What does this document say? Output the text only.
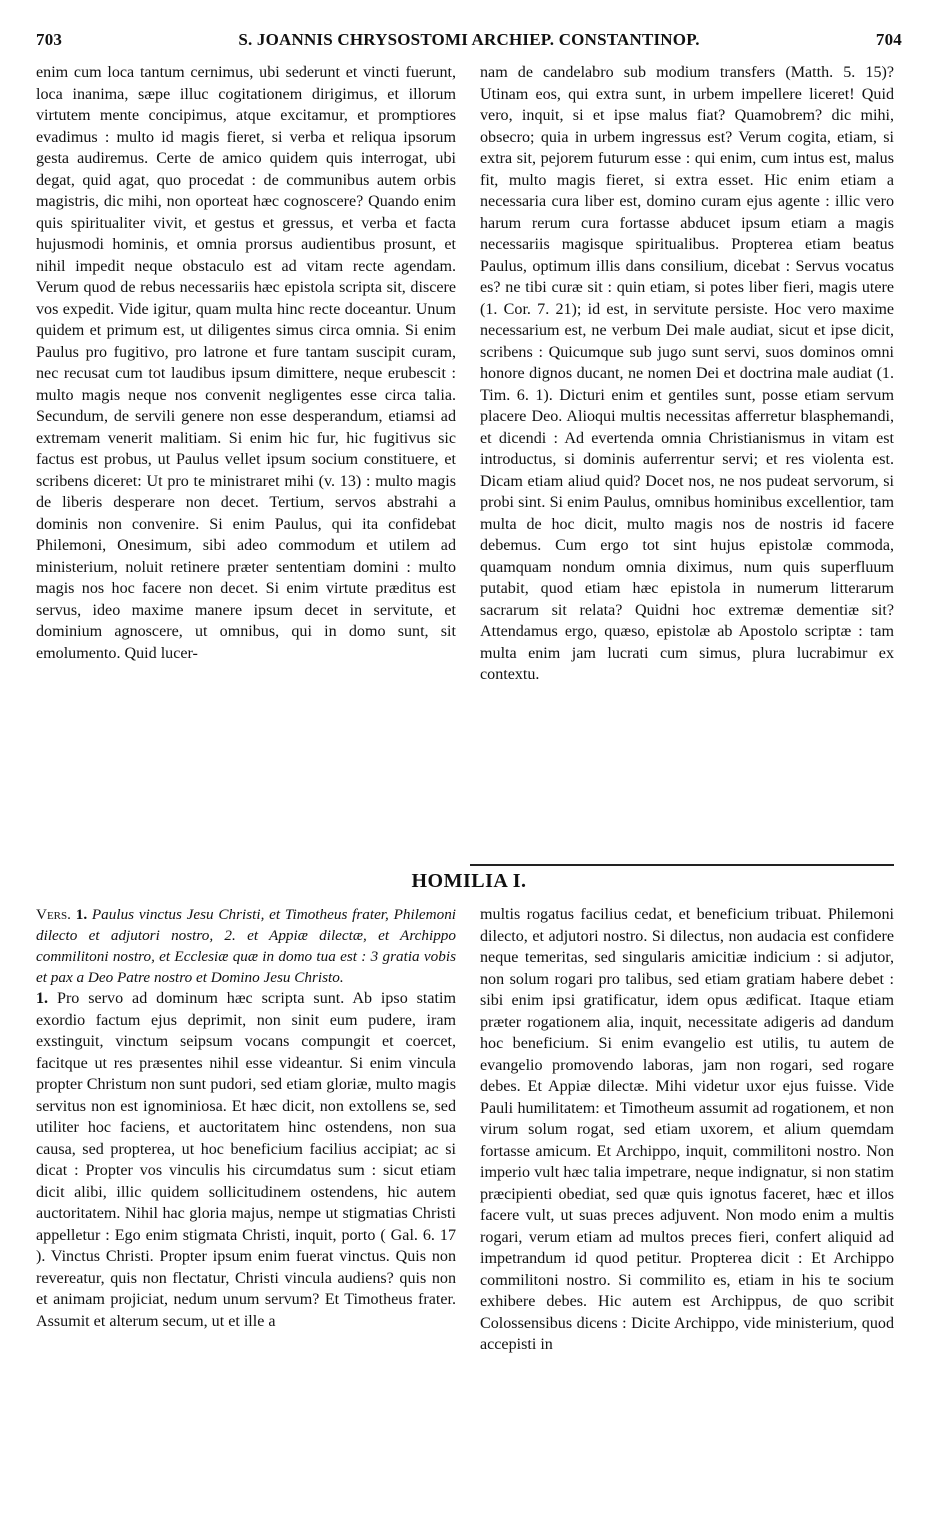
703	S. JOANNIS CHRYSOSTOMI ARCHIEP. CONSTANTINOP.	704

enim cum loca tantum cernimus, ubi sederunt et vincti fuerunt, loca inanima, sæpe illuc cogitationem dirigimus, et illorum virtutem mente concipimus, atque excitamur, et promptiores evadimus : multo id magis fieret, si verba et reliqua ipsorum gesta audiremus. Certe de amico quidem quis interrogat, ubi degat, quid agat, quo procedat : de communibus autem orbis magistris, dic mihi, non oporteat hæc cognoscere? Quando enim quis spiritualiter vivit, et gestus et gressus, et verba et facta hujusmodi hominis, et omnia prorsus audientibus prosunt, et nihil impedit neque obstaculo est ad vitam recte agendam. Verum quod de rebus necessariis hæc epistola scripta sit, discere vos expedit. Vide igitur, quam multa hinc recte doceantur. Unum quidem et primum est, ut diligentes simus circa omnia. Si enim Paulus pro fugitivo, pro latrone et fure tantam suscipit curam, nec recusat cum tot laudibus ipsum dimittere, neque erubescit : multo magis neque nos convenit negligentes esse circa talia. Secundum, de servili genere non esse desperandum, etiamsi ad extremam venerit malitiam. Si enim hic fur, hic fugitivus sic factus est probus, ut Paulus vellet ipsum socium constituere, et scribens diceret: Ut pro te ministraret mihi (v. 13) : multo magis de liberis desperare non decet. Tertium, servos abstrahi a dominis non convenire. Si enim Paulus, qui ita confidebat Philemoni, Onesimum, sibi adeo commodum et utilem ad ministerium, noluit retinere præter sententiam domini : multo magis nos hoc facere non decet. Si enim virtute præditus est servus, ideo maxime manere ipsum decet in servitute, et dominium agnoscere, ut omnibus, qui in domo sunt, sit emolumento. Quid lucer-

nam de candelabro sub modium transfers (Matth. 5. 15)? Utinam eos, qui extra sunt, in urbem impellere liceret! Quid vero, inquit, si et ipse malus fiat? Quamobrem? dic mihi, obsecro; quia in urbem ingressus est? Verum cogita, etiam, si extra sit, pejorem futurum esse : qui enim, cum intus est, malus fit, multo magis fieret, si extra esset. Hic enim etiam a necessaria cura liber est, domino curam ejus agente : illic vero harum rerum cura fortasse abducet ipsum etiam a magis necessariis magisque spiritualibus. Propterea etiam beatus Paulus, optimum illis dans consilium, dicebat : Servus vocatus es? ne tibi curæ sit : quin etiam, si potes liber fieri, magis utere (1. Cor. 7. 21); id est, in servitute persiste. Hoc vero maxime necessarium est, ne verbum Dei male audiat, sicut et ipse dicit, scribens : Quicumque sub jugo sunt servi, suos dominos omni honore dignos ducant, ne nomen Dei et doctrina male audiat (1. Tim. 6. 1). Dicturi enim et gentiles sunt, posse etiam servum placere Deo. Alioqui multis necessitas afferretur blasphemandi, et dicendi : Ad evertenda omnia Christianismus in vitam est introductus, si dominis auferrentur servi; et res violenta est. Dicam etiam aliud quid? Docet nos, ne nos pudeat servorum, si probi sint. Si enim Paulus, omnibus hominibus excellentior, tam multa de hoc dicit, multo magis nos de nostris id facere debemus. Cum ergo tot sint hujus epistolæ commoda, quamquam nondum omnia diximus, num quis superfluum putabit, quod etiam hæc epistola in numerum litterarum sacrarum sit relata? Quidni hoc extremæ dementiæ sit? Attendamus ergo, quæso, epistolæ ab Apostolo scriptæ : tam multa enim jam lucrati cum simus, plura lucrabimur ex contextu.

HOMILIA I.

Vers. 1. Paulus vinctus Jesu Christi, et Timotheus frater, Philemoni dilecto et adjutori nostro, 2. et Appiæ dilectæ, et Archippo commilitoni nostro, et Ecclesiæ quæ in domo tua est : 3 gratia vobis et pax a Deo Patre nostro et Domino Jesu Christo.

1. Pro servo ad dominum hæc scripta sunt. Ab ipso statim exordio factum ejus deprimit, non sinit eum pudere, iram exstinguit, vinctum seipsum vocans compungit et coercet, facitque ut res præsentes nihil esse videantur. Si enim vincula propter Christum non sunt pudori, sed etiam gloriæ, multo magis servitus non est ignominiosa. Et hæc dicit, non extollens se, sed utiliter hoc faciens, et auctoritatem hinc ostendens, non sua causa, sed propterea, ut hoc beneficium facilius accipiat; ac si dicat : Propter vos vinculis his circumdatus sum : sicut etiam dicit alibi, illic quidem sollicitudinem ostendens, hic autem auctoritatem. Nihil hac gloria majus, nempe ut stigmatias Christi appelletur : Ego enim stigmata Christi, inquit, porto ( Gal. 6. 17 ). Vinctus Christi. Propter ipsum enim fuerat vinctus. Quis non revereatur, quis non flectatur, Christi vincula audiens? quis non et animam projiciat, nedum unum servum? Et Timotheus frater. Assumit et alterum secum, ut et ille a

multis rogatus facilius cedat, et beneficium tribuat. Philemoni dilecto, et adjutori nostro. Si dilectus, non audacia est confidere neque temeritas, sed singularis amicitiæ indicium : si adjutor, non solum rogari pro talibus, sed etiam gratiam habere debet : sibi enim ipsi gratificatur, idem opus ædificat. Itaque etiam præter rogationem alia, inquit, necessitate adigeris ad dandum hoc beneficium. Si enim evangelio est utilis, tu autem de evangelio promovendo laboras, jam non rogari, sed rogare debes. Et Appiæ dilectæ. Mihi videtur uxor ejus fuisse. Vide Pauli humilitatem: et Timotheum assumit ad rogationem, et non virum solum rogat, sed etiam uxorem, et alium quemdam fortasse amicum. Et Archippo, inquit, commilitoni nostro. Non imperio vult hæc talia impetrare, neque indignatur, si non statim præcipienti obediat, sed quæ quis ignotus faceret, hæc et illos facere vult, ut suas preces adjuvent. Non modo enim a multis rogari, verum etiam ad multos preces fieri, confert aliquid ad impetrandum id quod petitur. Propterea dicit : Et Archippo commilitoni nostro. Si commilito es, etiam in his te socium exhibere debes. Hic autem est Archippus, de quo scribit Colossensibus dicens : Dicite Archippo, vide ministerium, quod accepisti in
